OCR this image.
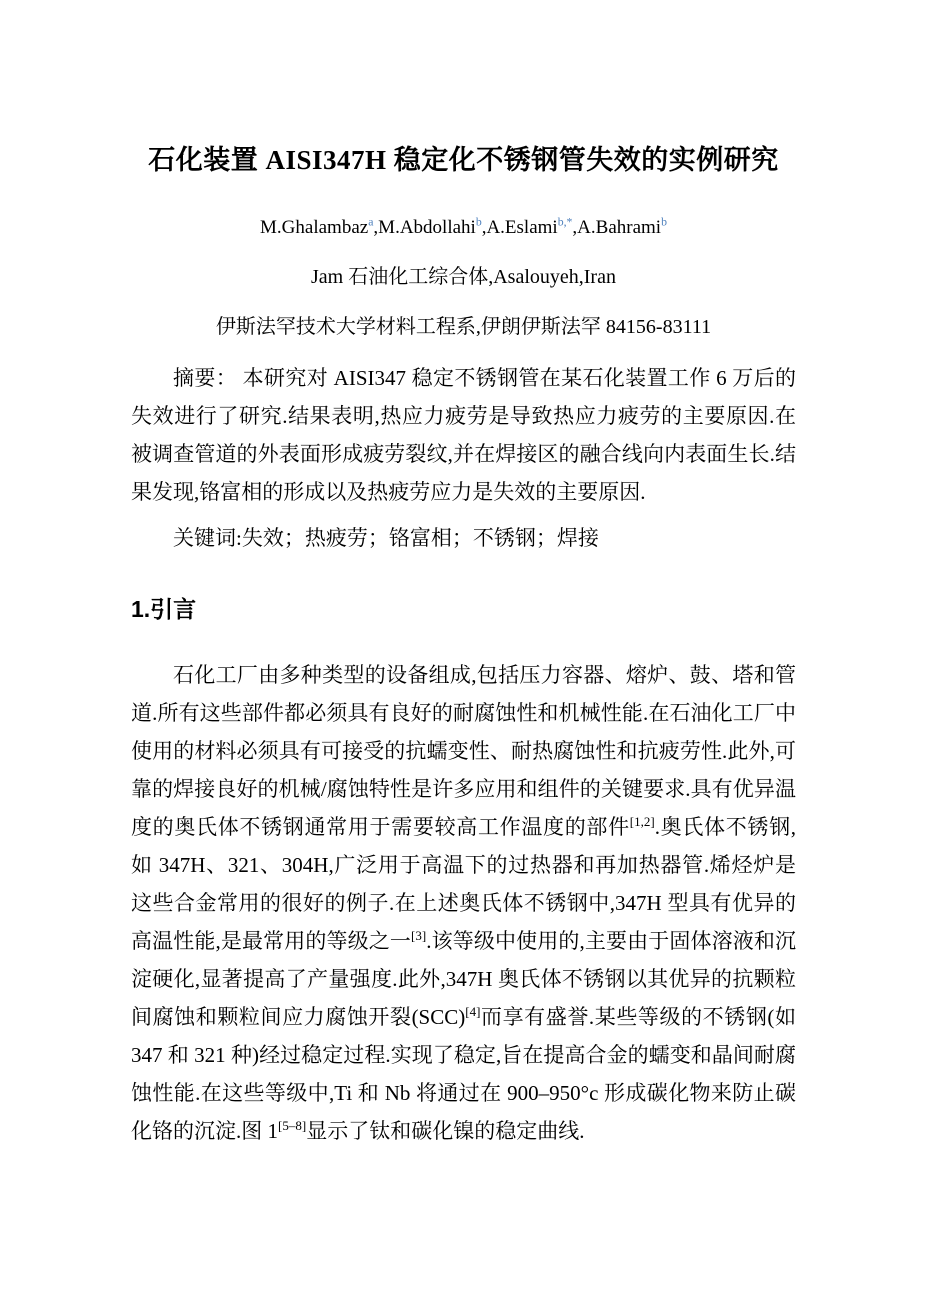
石化装置 AISI347H 稳定化不锈钢管失效的实例研究

M.Ghalambaz$^a$,M.Abdollahi$^b$,A.Eslami$^{b,*}$,A.Bahrami$^b$

Jam 石油化工综合体,Asalouyeh,Iran

伊斯法罕技术大学材料工程系,伊朗伊斯法罕 84156-83111

摘要： 本研究对 AISI347 稳定不锈钢管在某石化装置工作 6 万后的失效进行了研究.结果表明,热应力疲劳是导致热应力疲劳的主要原因.在被调查管道的外表面形成疲劳裂纹,并在焊接区的融合线向内表面生长.结果发现,铬富相的形成以及热疲劳应力是失效的主要原因.

关键词:失效；热疲劳；铬富相；不锈钢；焊接

1.引言

石化工厂由多种类型的设备组成,包括压力容器、熔炉、鼓、塔和管道.所有这些部件都必须具有良好的耐腐蚀性和机械性能.在石油化工厂中使用的材料必须具有可接受的抗蠕变性、耐热腐蚀性和抗疲劳性.此外,可靠的焊接良好的机械/腐蚀特性是许多应用和组件的关键要求.具有优异温度的奥氏体不锈钢通常用于需要较高工作温度的部件[1,2].奥氏体不锈钢,如 347H、321、304H,广泛用于高温下的过热器和再加热器管.烯烃炉是这些合金常用的很好的例子.在上述奥氏体不锈钢中,347H 型具有优异的高温性能,是最常用的等级之一[3].该等级中使用的,主要由于固体溶液和沉淀硬化,显著提高了产量强度.此外,347H 奥氏体不锈钢以其优异的抗颗粒间腐蚀和颗粒间应力腐蚀开裂(SCC)[4]而享有盛誉.某些等级的不锈钢(如 347 和 321 种)经过稳定过程.实现了稳定,旨在提高合金的蠕变和晶间耐腐蚀性能.在这些等级中,Ti 和 Nb 将通过在 900–950°c 形成碳化物来防止碳化铬的沉淀.图 1[5–8]显示了钛和碳化镍的稳定曲线.
